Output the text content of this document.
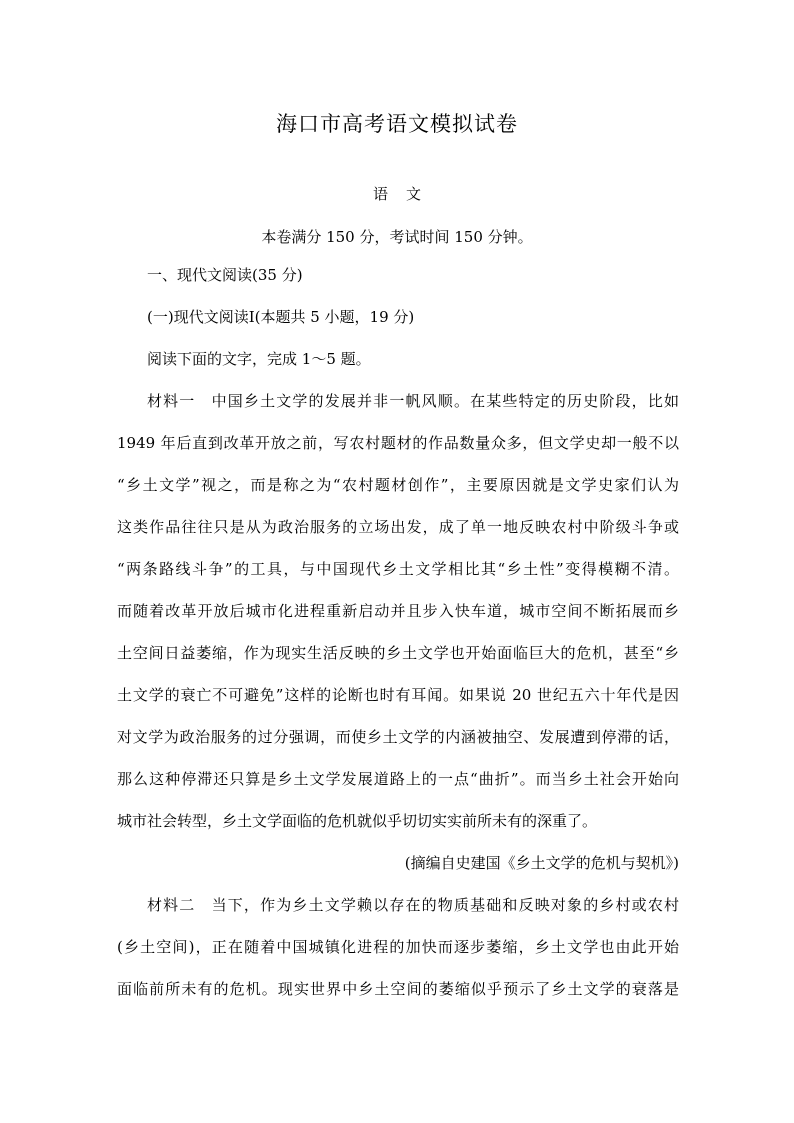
海口市高考语文模拟试卷
语文
本卷满分 150 分，考试时间 150 分钟。
一、现代文阅读(35 分)
(一)现代文阅读Ⅰ(本题共 5 小题，19 分)
阅读下面的文字，完成 1～5 题。
材料一　中国乡土文学的发展并非一帆风顺。在某些特定的历史阶段，比如
1949 年后直到改革开放之前，写农村题材的作品数量众多，但文学史却一般不以
“乡土文学”视之，而是称之为“农村题材创作”，主要原因就是文学史家们认为
这类作品往往只是从为政治服务的立场出发，成了单一地反映农村中阶级斗争或
“两条路线斗争”的工具，与中国现代乡土文学相比其“乡土性”变得模糊不清。
而随着改革开放后城市化进程重新启动并且步入快车道，城市空间不断拓展而乡
土空间日益萎缩，作为现实生活反映的乡土文学也开始面临巨大的危机，甚至“乡
土文学的衰亡不可避免”这样的论断也时有耳闻。如果说 20 世纪五六十年代是因
对文学为政治服务的过分强调，而使乡土文学的内涵被抽空、发展遭到停滞的话，
那么这种停滞还只算是乡土文学发展道路上的一点“曲折”。而当乡土社会开始向
城市社会转型，乡土文学面临的危机就似乎切切实实前所未有的深重了。
(摘编自史建国《乡土文学的危机与契机》)
材料二　当下，作为乡土文学赖以存在的物质基础和反映对象的乡村或农村
(乡土空间)，正在随着中国城镇化进程的加快而逐步萎缩，乡土文学也由此开始
面临前所未有的危机。现实世界中乡土空间的萎缩似乎预示了乡土文学的衰落是
